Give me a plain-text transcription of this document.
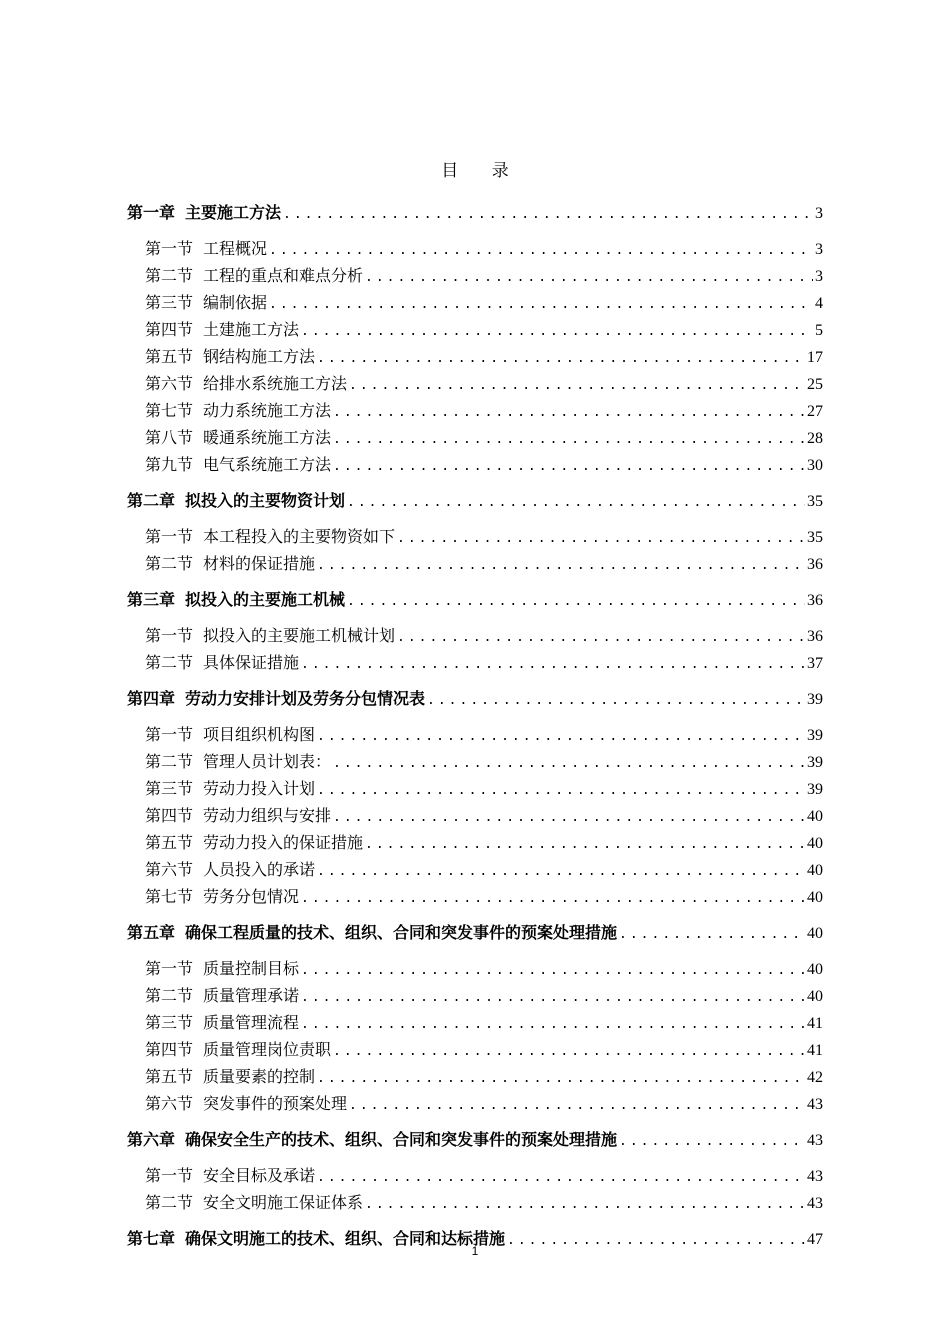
目 录
第一章 主要施工方法 .....	3
第一节 工程概况 .....	3
第二节 工程的重点和难点分析 .....	3
第三节 编制依据 .....	4
第四节 土建施工方法 .....	5
第五节 钢结构施工方法 .....	17
第六节 给排水系统施工方法 .....	25
第七节 动力系统施工方法 .....	27
第八节 暖通系统施工方法 .....	28
第九节 电气系统施工方法 .....	30
第二章 拟投入的主要物资计划 .....	35
第一节 本工程投入的主要物资如下 .....	35
第二节 材料的保证措施 .....	36
第三章 拟投入的主要施工机械 .....	36
第一节 拟投入的主要施工机械计划 .....	36
第二节 具体保证措施 .....	37
第四章 劳动力安排计划及劳务分包情况表 .....	39
第一节 项目组织机构图 .....	39
第二节 管理人员计划表： .....	39
第三节 劳动力投入计划 .....	39
第四节 劳动力组织与安排 .....	40
第五节 劳动力投入的保证措施 .....	40
第六节 人员投入的承诺 .....	40
第七节 劳务分包情况 .....	40
第五章 确保工程质量的技术、组织、合同和突发事件的预案处理措施 .....	40
第一节 质量控制目标 .....	40
第二节 质量管理承诺 .....	40
第三节 质量管理流程 .....	41
第四节 质量管理岗位责职 .....	41
第五节 质量要素的控制 .....	42
第六节 突发事件的预案处理 .....	43
第六章 确保安全生产的技术、组织、合同和突发事件的预案处理措施 .....	43
第一节 安全目标及承诺 .....	43
第二节 安全文明施工保证体系 .....	43
第七章 确保文明施工的技术、组织、合同和达标措施 .....	47
1
